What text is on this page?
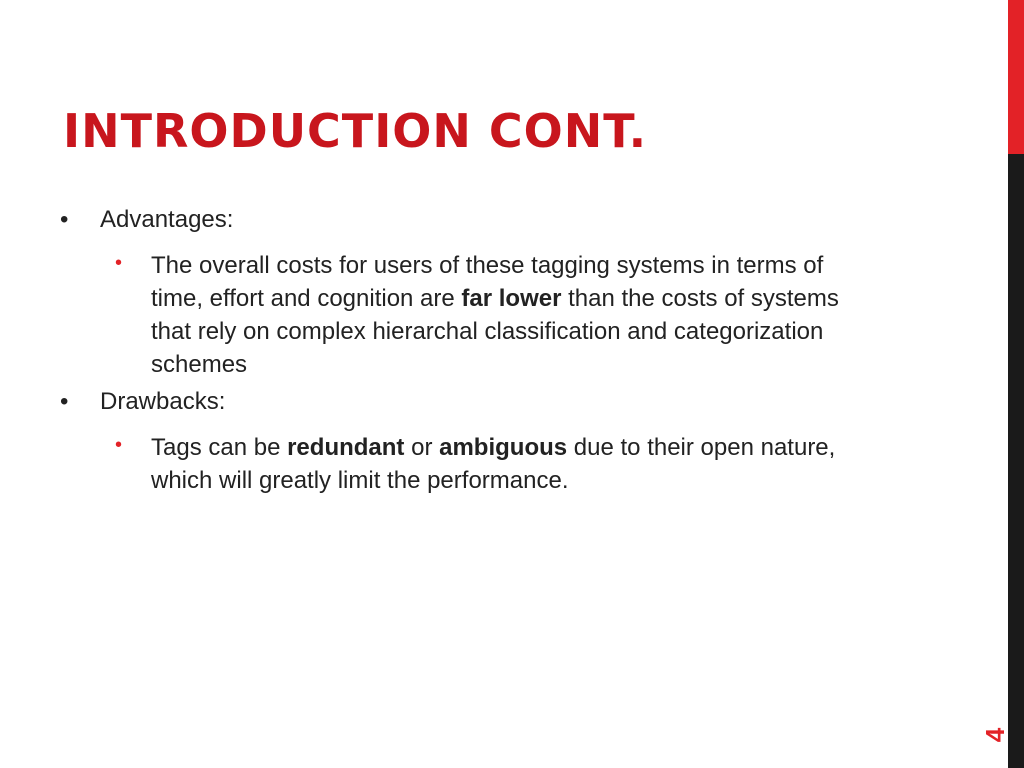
INTRODUCTION CONT.
• Advantages:
• The overall costs for users of these tagging systems in terms of time, effort and cognition are far lower than the costs of systems that rely on complex hierarchal classification and categorization schemes
• Drawbacks:
• Tags can be redundant or ambiguous due to their open nature, which will greatly limit the performance.
4
